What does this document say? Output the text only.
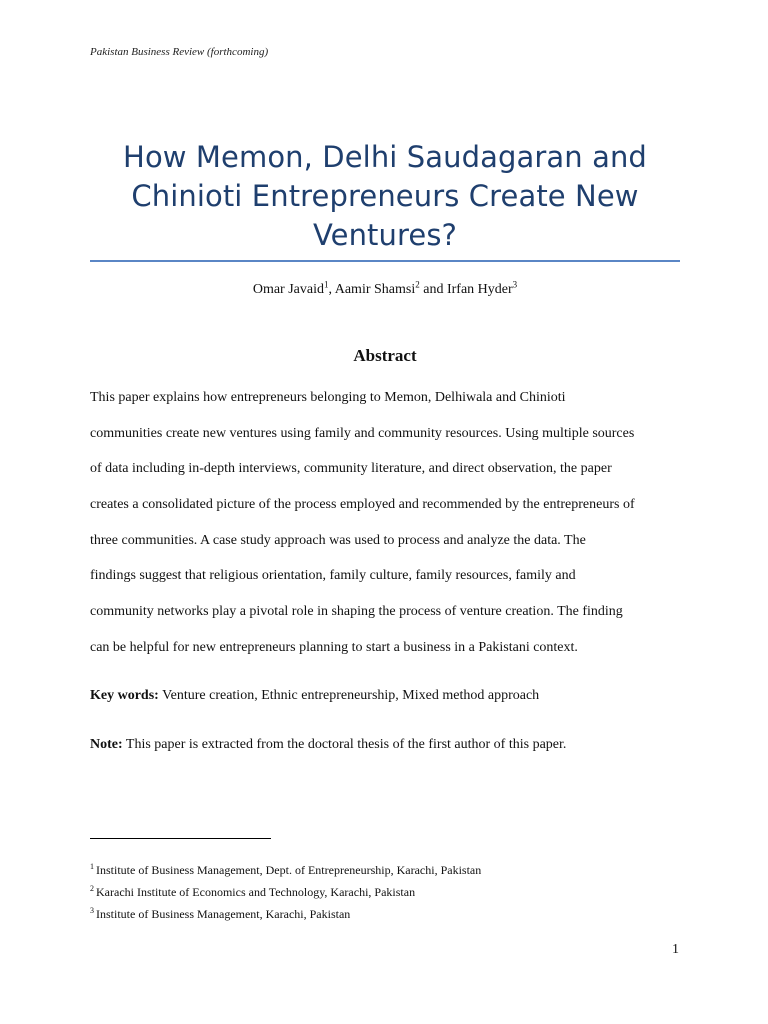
Pakistan Business Review (forthcoming)
How Memon, Delhi Saudagaran and
Chinioti Entrepreneurs Create New
Ventures?
Omar Javaid$^1$, Aamir Shamsi$^2$ and Irfan Hyder$^3$
Abstract
This paper explains how entrepreneurs belonging to Memon, Delhiwala and Chinioti
communities create new ventures using family and community resources. Using multiple sources
of data including in-depth interviews, community literature, and direct observation, the paper
creates a consolidated picture of the process employed and recommended by the entrepreneurs of
three communities. A case study approach was used to process and analyze the data. The
findings suggest that religious orientation, family culture, family resources, family and
community networks play a pivotal role in shaping the process of venture creation. The finding
can be helpful for new entrepreneurs planning to start a business in a Pakistani context.
Key words: Venture creation, Ethnic entrepreneurship, Mixed method approach
Note: This paper is extracted from the doctoral thesis of the first author of this paper.
$^1$ Institute of Business Management, Dept. of Entrepreneurship, Karachi, Pakistan
$^2$ Karachi Institute of Economics and Technology, Karachi, Pakistan
$^3$ Institute of Business Management, Karachi, Pakistan
1
